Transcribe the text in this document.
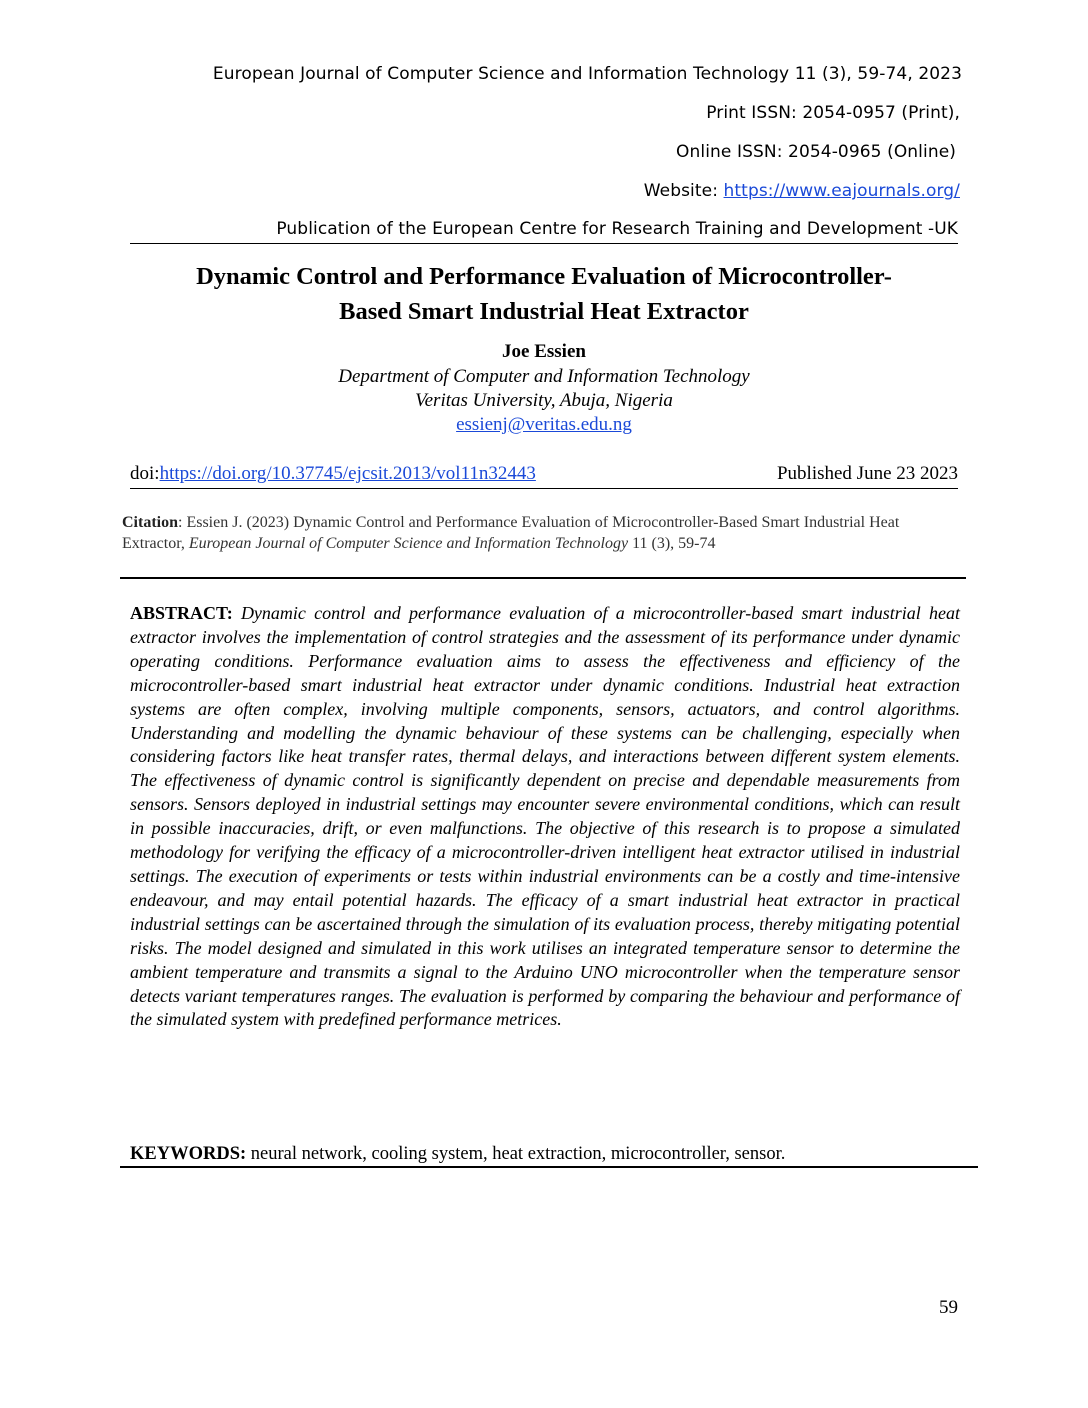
European Journal of Computer Science and Information Technology 11 (3), 59-74, 2023
Print ISSN: 2054-0957 (Print),
Online ISSN: 2054-0965 (Online)
Website: https://www.eajournals.org/
Publication of the European Centre for Research Training and Development -UK
Dynamic Control and Performance Evaluation of Microcontroller-
Based Smart Industrial Heat Extractor
Joe Essien
Department of Computer and Information Technology
Veritas University, Abuja, Nigeria
essienj@veritas.edu.ng
doi:https://doi.org/10.37745/ejcsit.2013/vol11n32443	Published June 23 2023
Citation: Essien J. (2023) Dynamic Control and Performance Evaluation of Microcontroller-Based Smart Industrial Heat Extractor, European Journal of Computer Science and Information Technology 11 (3), 59-74
ABSTRACT: Dynamic control and performance evaluation of a microcontroller-based smart industrial heat extractor involves the implementation of control strategies and the assessment of its performance under dynamic operating conditions. Performance evaluation aims to assess the effectiveness and efficiency of the microcontroller-based smart industrial heat extractor under dynamic conditions. Industrial heat extraction systems are often complex, involving multiple components, sensors, actuators, and control algorithms. Understanding and modelling the dynamic behaviour of these systems can be challenging, especially when considering factors like heat transfer rates, thermal delays, and interactions between different system elements. The effectiveness of dynamic control is significantly dependent on precise and dependable measurements from sensors. Sensors deployed in industrial settings may encounter severe environmental conditions, which can result in possible inaccuracies, drift, or even malfunctions. The objective of this research is to propose a simulated methodology for verifying the efficacy of a microcontroller-driven intelligent heat extractor utilised in industrial settings. The execution of experiments or tests within industrial environments can be a costly and time-intensive endeavour, and may entail potential hazards. The efficacy of a smart industrial heat extractor in practical industrial settings can be ascertained through the simulation of its evaluation process, thereby mitigating potential risks. The model designed and simulated in this work utilises an integrated temperature sensor to determine the ambient temperature and transmits a signal to the Arduino UNO microcontroller when the temperature sensor detects variant temperatures ranges. The evaluation is performed by comparing the behaviour and performance of the simulated system with predefined performance metrices.
KEYWORDS: neural network, cooling system, heat extraction, microcontroller, sensor.
59
